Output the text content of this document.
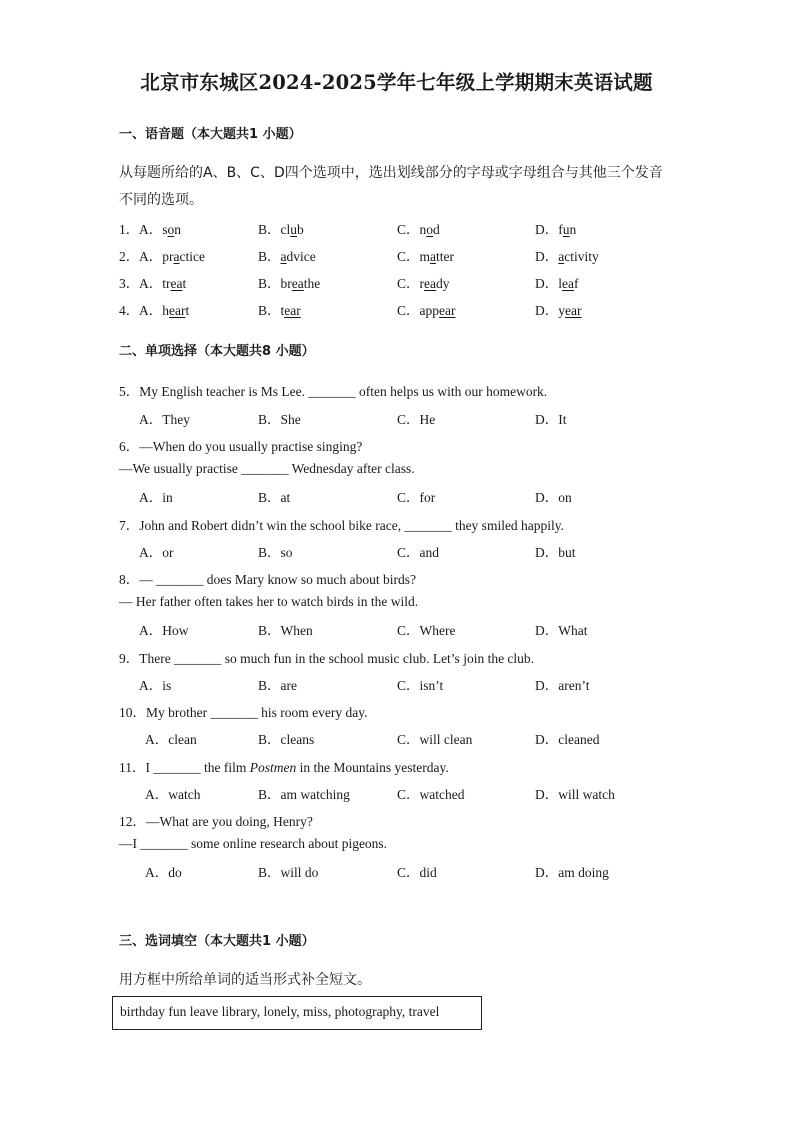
北京市东城区2024-2025学年七年级上学期期末英语试题
一、语音题（本大题共1 小题）
从每题所给的A、B、C、D四个选项中，选出划线部分的字母或字母组合与其他三个发音
不同的选项。
1． A．son	B．club	C．nod	D．fun
2． A．practice	B．advice	C．matter	D．activity
3． A．treat	B．breathe	C．ready	D．leaf
4． A．heart	B．tear	C．appear	D．year
二、单项选择（本大题共8 小题）
5．My English teacher is Ms Lee. _______ often helps us with our homework.
A．They	B．She	C．He	D．It
6．—When do you usually practise singing?
—We usually practise _______ Wednesday after class.
A．in	B．at	C．for	D．on
7．John and Robert didn’t win the school bike race, _______ they smiled happily.
A．or	B．so	C．and	D．but
8．— _______ does Mary know so much about birds?
— Her father often takes her to watch birds in the wild.
A．How	B．When	C．Where	D．What
9．There _______ so much fun in the school music club. Let’s join the club.
A．is	B．are	C．isn’t	D．aren’t
10．My brother _______ his room every day.
A．clean	B．cleans	C．will clean	D．cleaned
11．I _______ the film Postmen in the Mountains yesterday.
A．watch	B．am watching	C．watched	D．will watch
12．—What are you doing, Henry?
—I _______ some online research about pigeons.
A．do	B．will do	C．did	D．am doing
三、选词填空（本大题共1 小题）
用方框中所给单词的适当形式补全短文。
birthday fun leave library, lonely, miss, photography, travel
